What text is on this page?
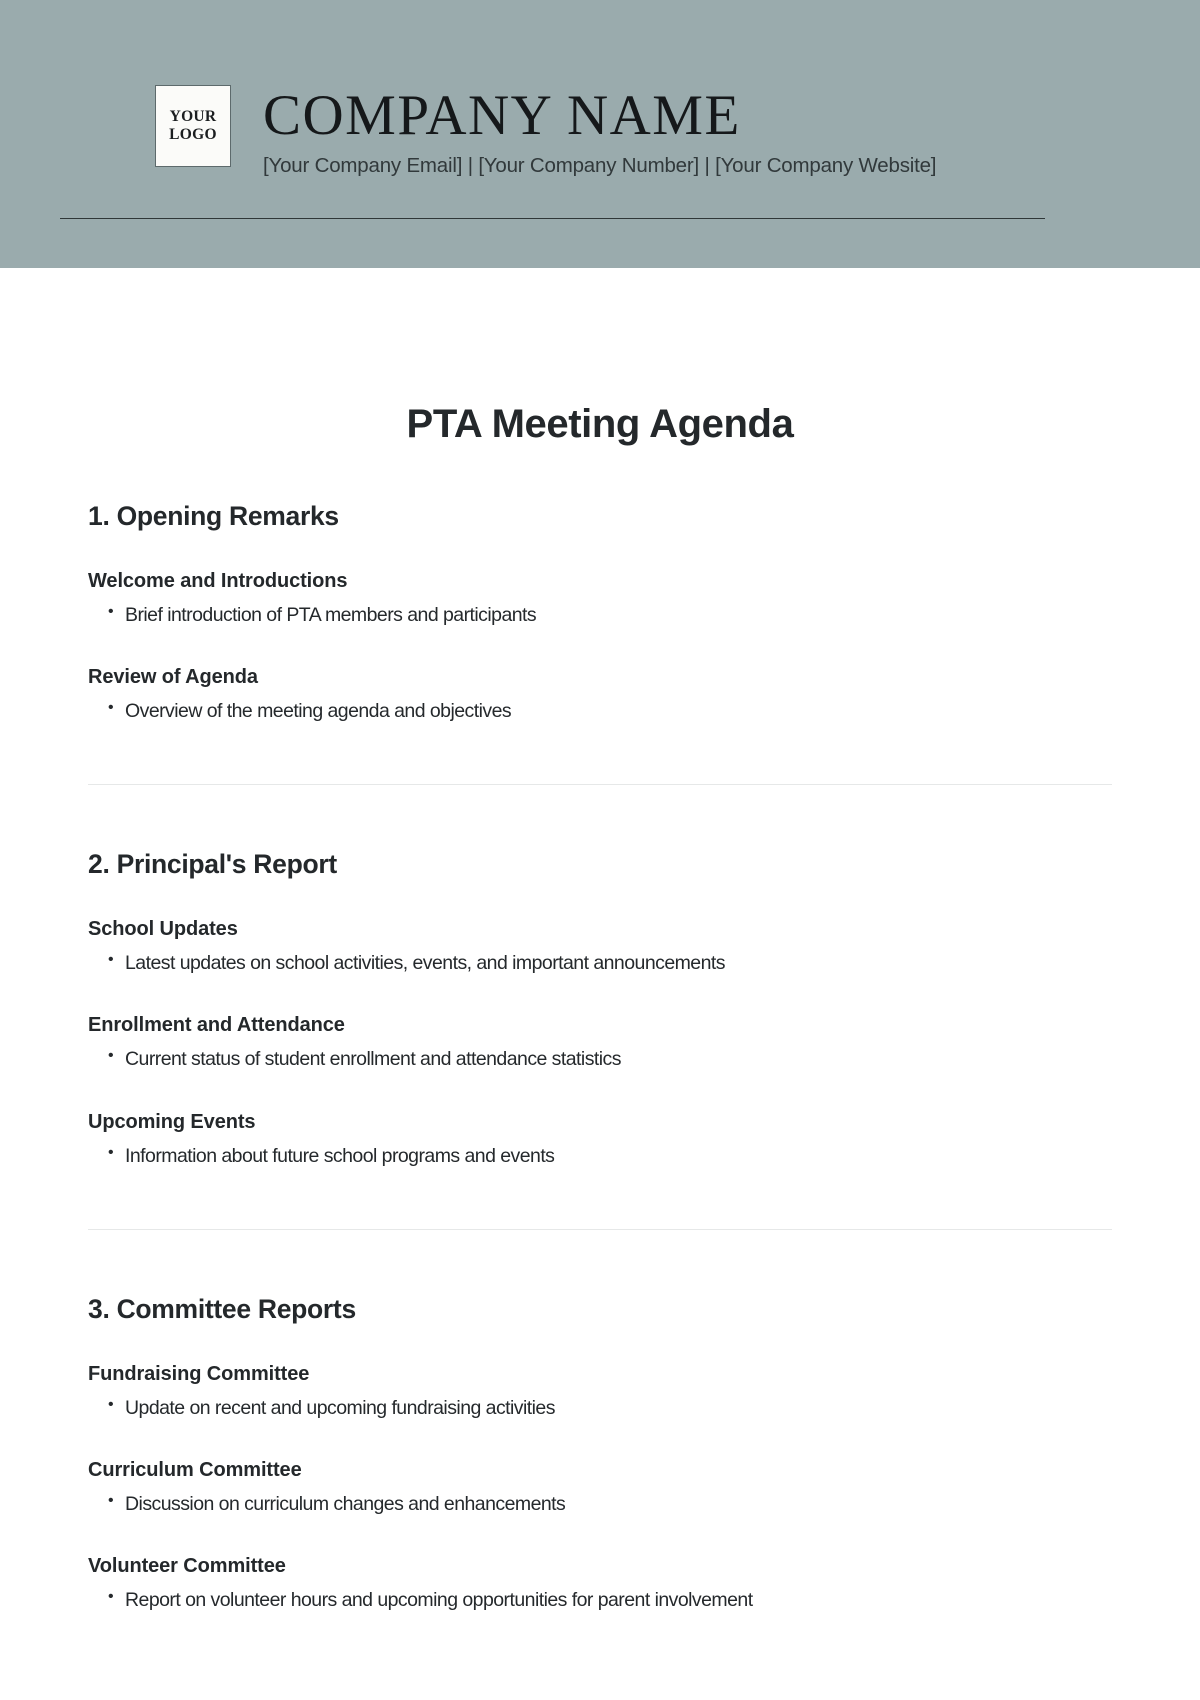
YOUR
LOGO COMPANY NAME
[Your Company Email] | [Your Company Number] | [Your Company Website]
PTA Meeting Agenda
1. Opening Remarks
Welcome and Introductions
• Brief introduction of PTA members and participants
Review of Agenda
• Overview of the meeting agenda and objectives
2. Principal's Report
School Updates
• Latest updates on school activities, events, and important announcements
Enrollment and Attendance
• Current status of student enrollment and attendance statistics
Upcoming Events
• Information about future school programs and events
3. Committee Reports
Fundraising Committee
• Update on recent and upcoming fundraising activities
Curriculum Committee
• Discussion on curriculum changes and enhancements
Volunteer Committee
• Report on volunteer hours and upcoming opportunities for parent involvement
